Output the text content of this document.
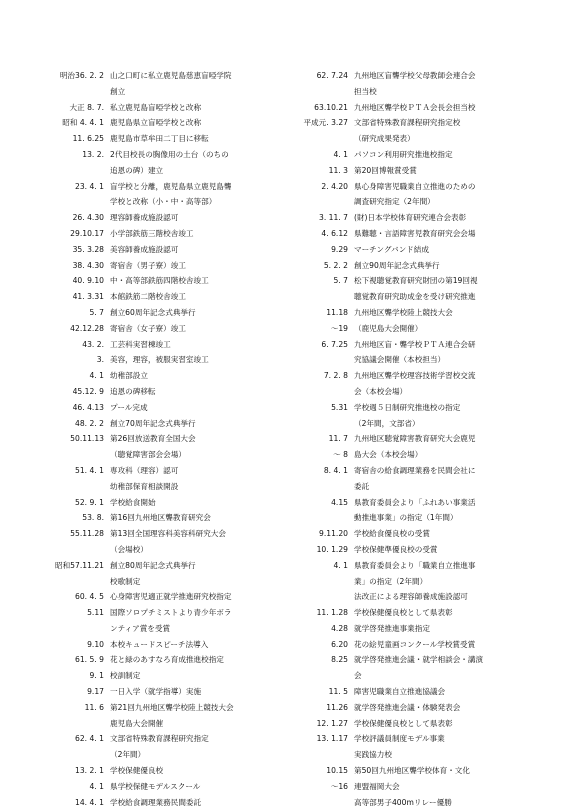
明治36. 2. 2 山之口町に私立鹿児島慈恵盲啞学院
創立
大正 8. 7. 私立鹿児島盲啞学校と改称
昭和 4. 4. 1 鹿児島県立盲啞学校と改称
11. 6.25 鹿児島市草牟田二丁目に移転
13. 2. 2代目校長の胸像用の土台（のちの
追恩の碑）建立
23. 4. 1 盲学校と分離，鹿児島県立鹿児島聾
学校と改称（小・中・高等部）
26. 4.30 理容師養成施設認可
29.10.17 小学部鉄筋三階校舎竣工
35. 3.28 美容師養成施設認可
38. 4.30 寄宿舎（男子寮）竣工
40. 9.10 中・高等部鉄筋四階校舎竣工
41. 3.31 本館鉄筋二階校舎竣工
5. 7 創立60周年記念式典挙行
42.12.28 寄宿舎（女子寮）竣工
43. 2. 工芸科実習棟竣工
3. 美容，理容，被服実習室竣工
4. 1 幼稚部設立
45.12. 9 追恩の碑移転
46. 4.13 プール完成
48. 2. 2 創立70周年記念式典挙行
50.11.13 第26回放送教育全国大会
（聴覚障害部会会場）
51. 4. 1 専攻科（理容）認可
幼稚部保育相談開設
52. 9. 1 学校給食開始
53. 8. 第16回九州地区聾教育研究会
55.11.28 第13回全国理容科美容科研究大会
（会場校）
昭和57.11.21 創立80周年記念式典挙行
校歌制定
60. 4. 5 心身障害児適正就学推進研究校指定
5.11 国際ソロプチミストより青少年ボラ
ンティア賞を受賞
9.10 本校キュードスピーチ法導入
61. 5. 9 花と緑のあすなろ育成推進校指定
9. 1 校訓制定
9.17 一日入学（就学指導）実施
11. 6 第21回九州地区聾学校陸上競技大会
鹿児島大会開催
62. 4. 1 文部省特殊教育課程研究指定
（2年間）
13. 2. 1 学校保健優良校
4. 1 県学校保健モデルスクール
14. 4. 1 学校給食調理業務民間委託
62. 7.24 九州地区盲聾学校父母教師会連合会
担当校
63.10.21 九州地区聾学校ＰＴＡ会長会担当校
平成元. 3.27 文部省特殊教育課程研究指定校
（研究成果発表）
4. 1 パソコン利用研究推進校指定
11. 3 第20回博報賞受賞
2. 4.20 県心身障害児職業自立推進のための
調査研究指定（2年間）
3. 11. 7 (財)日本学校体育研究連合会表彰
4. 6.12 県難聴・言語障害児教育研究会会場
9.29 マーチングバンド結成
5. 2. 2 創立90周年記念式典挙行
5. 7 松下視聴覚教育研究財団の第19回視
聴覚教育研究助成金を受け研究推進
11.18 九州地区聾学校陸上競技大会
～19 （鹿児島大会開催）
6. 7.25 九州地区盲・聾学校ＰＴＡ連合会研
究協議会開催（本校担当）
7. 2. 8 九州地区聾学校理容技術学習校交流
会（本校会場）
5.31 学校週５日制研究推進校の指定
（2年間，文部省）
11. 7 九州地区聴覚障害教育研究大会鹿児
～ 8 島大会（本校会場）
8. 4. 1 寄宿舎の給食調理業務を民間会社に
委託
4.15 県教育委員会より「ふれあい事業活
動推進事業」の指定（1年間）
9.11.20 学校給食優良校の受賞
10. 1.29 学校保健準優良校の受賞
4. 1 県教育委員会より「職業自立推進事
業」の指定（2年間）
法改正による理容師養成施設認可
11. 1.28 学校保健優良校として県表彰
4.28 就学啓発推進事業指定
6.20 花の絵児童画コンクール学校賞受賞
8.25 就学啓発推進会議・就学相談会・講演
会
11. 5 障害児職業自立推進協議会
11.26 就学啓発推進会議・体験発表会
12. 1.27 学校保健優良校として県表彰
13. 1.17 学校評議員制度モデル事業
実践協力校
10.15 第50回九州地区聾学校体育・文化
～16 連盟福岡大会
高等部男子400mリレー優勝
